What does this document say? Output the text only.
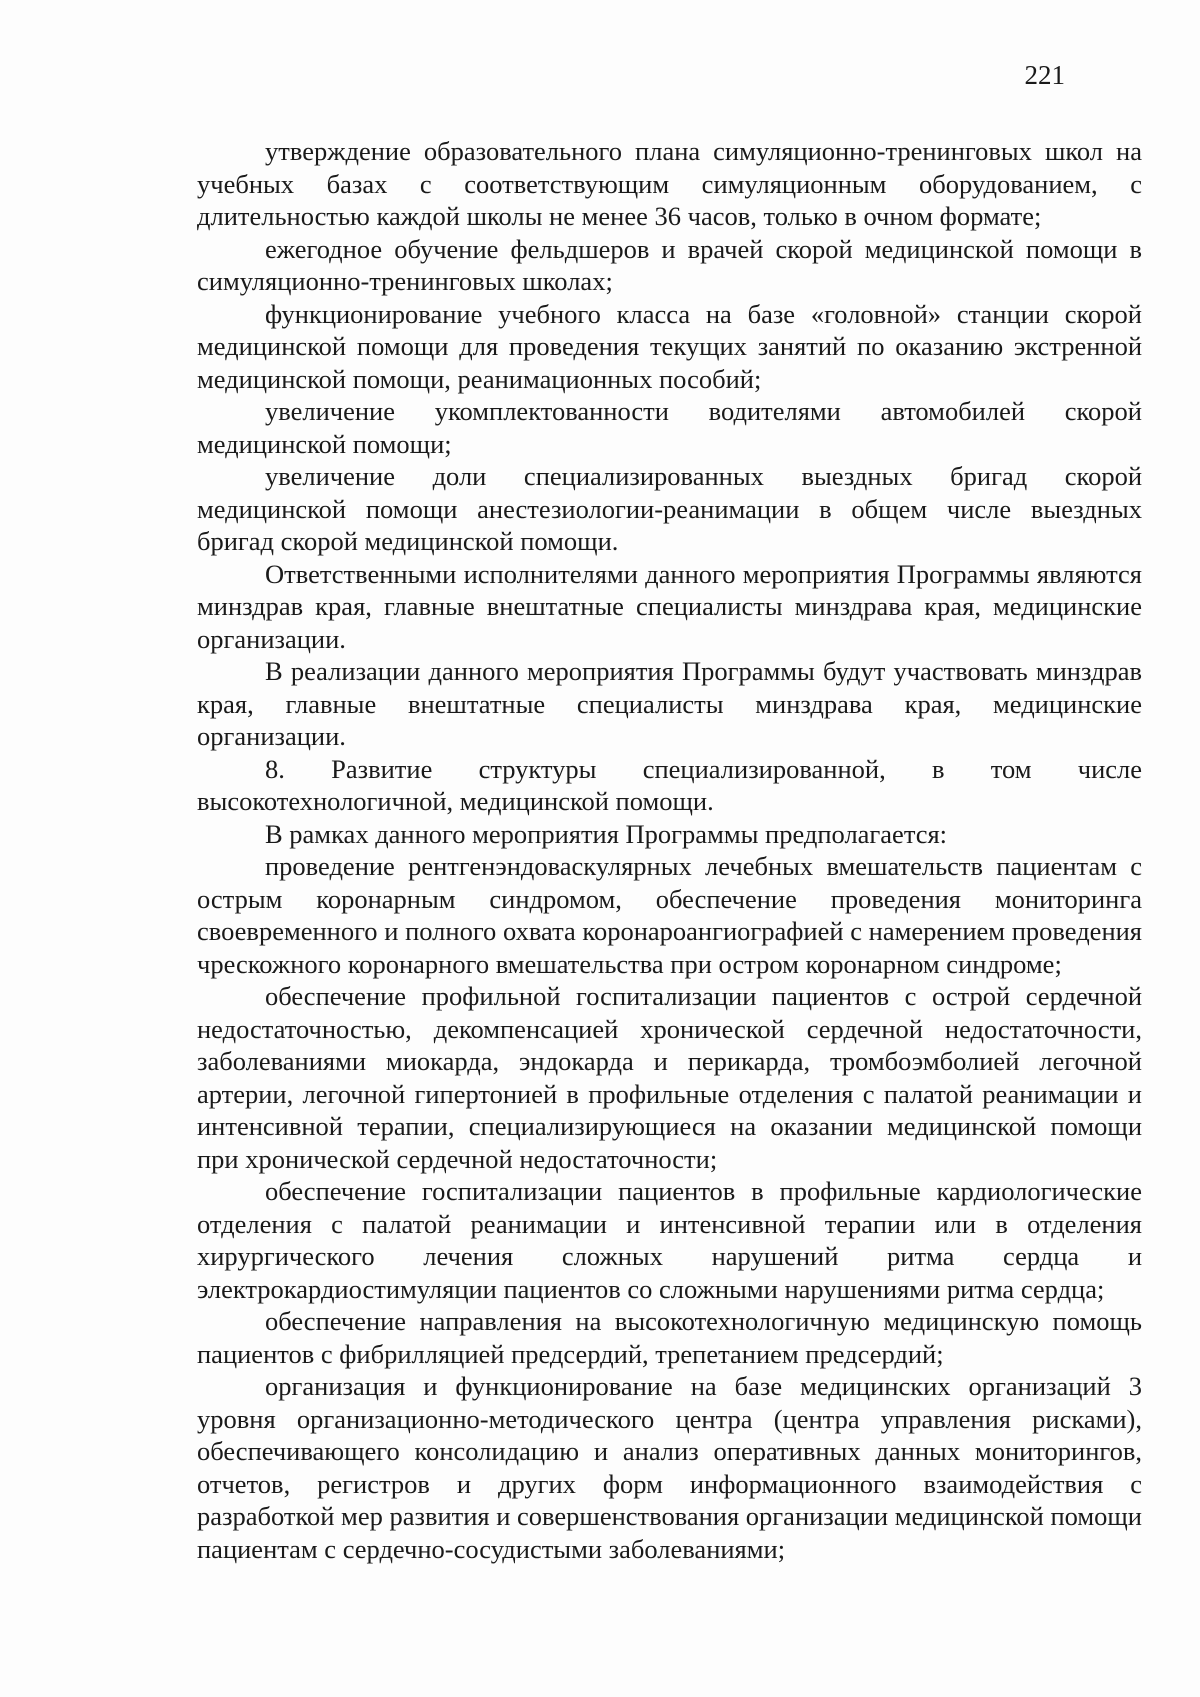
221

утверждение образовательного плана симуляционно-тренинговых школ на учебных базах с соответствующим симуляционным оборудованием, с длительностью каждой школы не менее 36 часов, только в очном формате;

ежегодное обучение фельдшеров и врачей скорой медицинской помощи в симуляционно-тренинговых школах;

функционирование учебного класса на базе «головной» станции скорой медицинской помощи для проведения текущих занятий по оказанию экстренной медицинской помощи, реанимационных пособий;

увеличение укомплектованности водителями автомобилей скорой медицинской помощи;

увеличение доли специализированных выездных бригад скорой медицинской помощи анестезиологии-реанимации в общем числе выездных бригад скорой медицинской помощи.

Ответственными исполнителями данного мероприятия Программы являются минздрав края, главные внештатные специалисты минздрава края, медицинские организации.

В реализации данного мероприятия Программы будут участвовать минздрав края, главные внештатные специалисты минздрава края, медицинские организации.

8. Развитие структуры специализированной, в том числе высокотехнологичной, медицинской помощи.

В рамках данного мероприятия Программы предполагается:

проведение рентгенэндоваскулярных лечебных вмешательств пациентам с острым коронарным синдромом, обеспечение проведения мониторинга своевременного и полного охвата коронароангиографией с намерением проведения чрескожного коронарного вмешательства при остром коронарном синдроме;

обеспечение профильной госпитализации пациентов с острой сердечной недостаточностью, декомпенсацией хронической сердечной недостаточности, заболеваниями миокарда, эндокарда и перикарда, тромбоэмболией легочной артерии, легочной гипертонией в профильные отделения с палатой реанимации и интенсивной терапии, специализирующиеся на оказании медицинской помощи при хронической сердечной недостаточности;

обеспечение госпитализации пациентов в профильные кардиологические отделения с палатой реанимации и интенсивной терапии или в отделения хирургического лечения сложных нарушений ритма сердца и электрокардиостимуляции пациентов со сложными нарушениями ритма сердца;

обеспечение направления на высокотехнологичную медицинскую помощь пациентов с фибрилляцией предсердий, трепетанием предсердий;

организация и функционирование на базе медицинских организаций 3 уровня организационно-методического центра (центра управления рисками), обеспечивающего консолидацию и анализ оперативных данных мониторингов, отчетов, регистров и других форм информационного взаимодействия с разработкой мер развития и совершенствования организации медицинской помощи пациентам с сердечно-сосудистыми заболеваниями;
